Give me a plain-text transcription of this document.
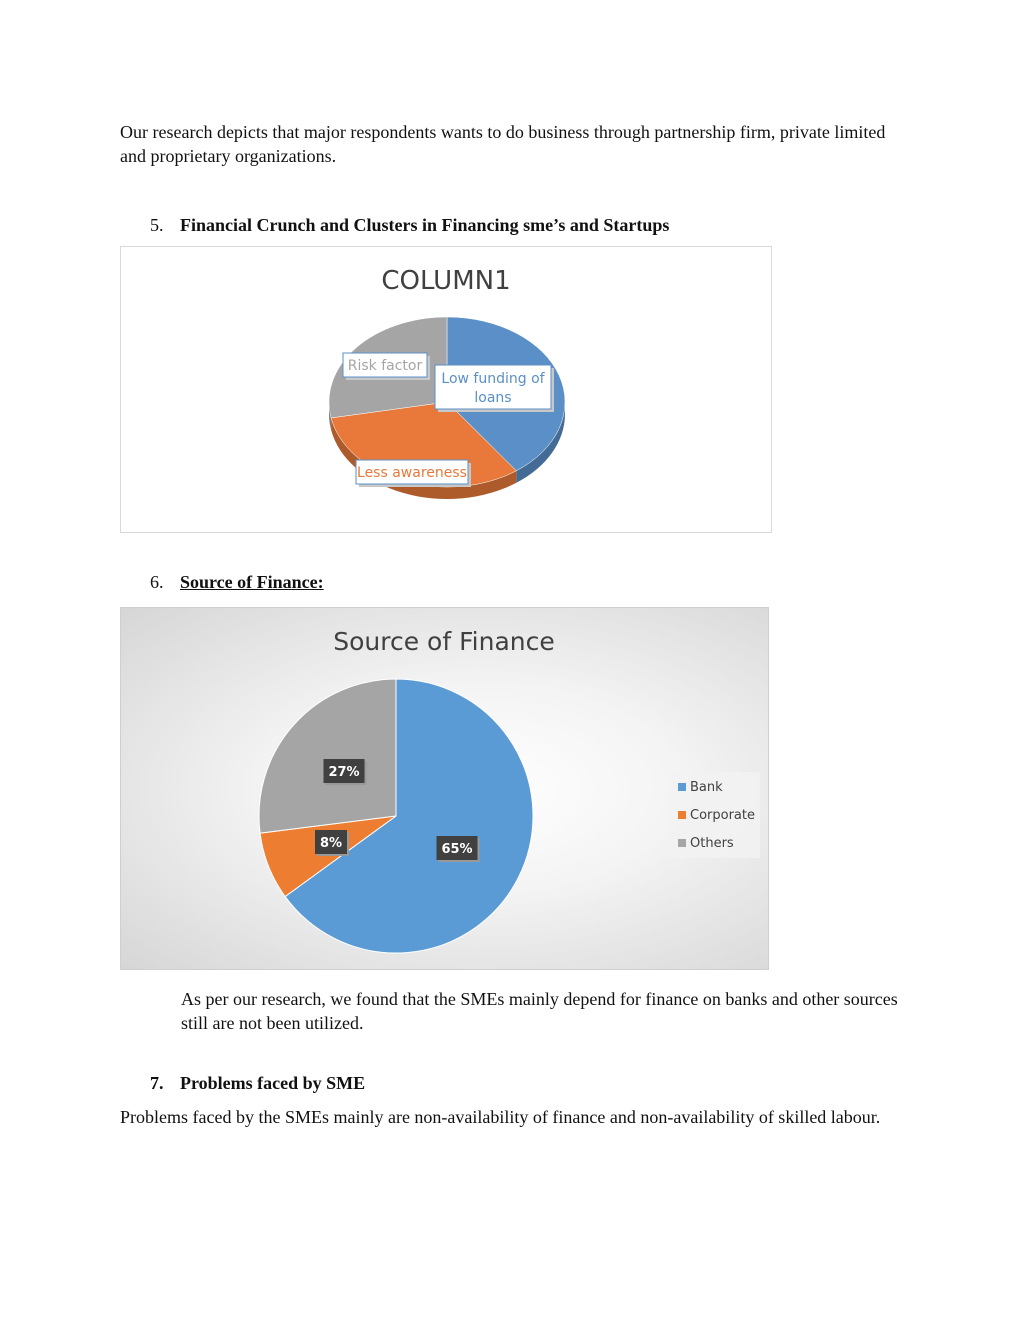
Our research depicts that major respondents wants to do business through partnership firm, private limited and proprietary organizations.

5. Financial Crunch and Clusters in Financing sme’s and Startups
COLUMN1
Risk factor
Low funding of
loans
Less awareness
6. Source of Finance:
Source of Finance
65%
8%
27%
Bank
Corporate
Others

As per our research, we found that the SMEs mainly depend for finance on banks and other sources still are not been utilized.

7. Problems faced by SME

Problems faced by the SMEs mainly are non-availability of finance and non-availability of skilled labour.
